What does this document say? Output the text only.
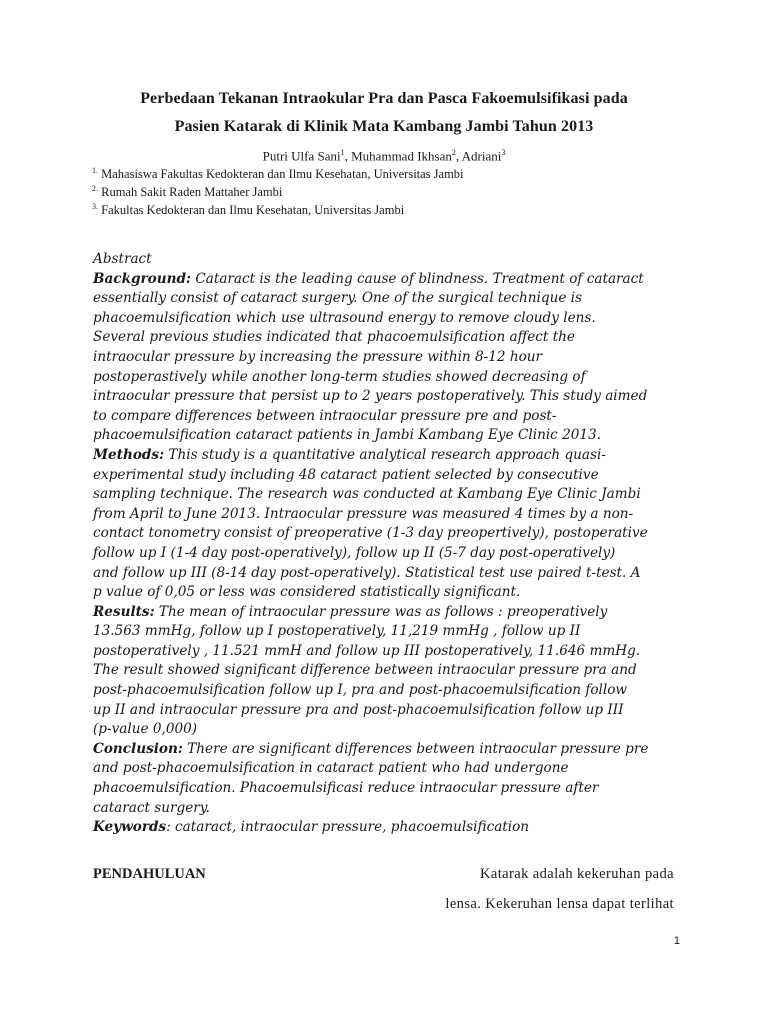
Perbedaan Tekanan Intraokular Pra dan Pasca Fakoemulsifikasi pada
Pasien Katarak di Klinik Mata Kambang Jambi Tahun 2013
Putri Ulfa Sani$^1$, Muhammad Ikhsan$^2$, Adriani$^3$
$^{1.}$ Mahasiswa Fakultas Kedokteran dan Ilmu Kesehatan, Universitas Jambi
$^{2.}$ Rumah Sakit Raden Mattaher Jambi
$^{3.}$ Fakultas Kedokteran dan Ilmu Kesehatan, Universitas Jambi
Abstract
Background: Cataract is the leading cause of blindness. Treatment of cataract
essentially consist of cataract surgery. One of the surgical technique is
phacoemulsification which use ultrasound energy to remove cloudy lens.
Several previous studies indicated that phacoemulsification affect the
intraocular pressure by increasing the pressure within 8-12 hour
postoperastively while another long-term studies showed decreasing of
intraocular pressure that persist up to 2 years postoperatively. This study aimed
to compare differences between intraocular pressure pre and post-
phacoemulsification cataract patients in Jambi Kambang Eye Clinic 2013.
Methods: This study is a quantitative analytical research approach quasi-
experimental study including 48 cataract patient selected by consecutive
sampling technique. The research was conducted at Kambang Eye Clinic Jambi
from April to June 2013. Intraocular pressure was measured 4 times by a non-
contact tonometry consist of preoperative (1-3 day preopertively), postoperative
follow up I (1-4 day post-operatively), follow up II (5-7 day post-operatively)
and follow up III (8-14 day post-operatively). Statistical test use paired t-test. A
p value of 0,05 or less was considered statistically significant.
Results: The mean of intraocular pressure was as follows : preoperatively
13.563 mmHg, follow up I postoperatively, 11,219 mmHg , follow up II
postoperatively , 11.521 mmH and follow up III postoperatively, 11.646 mmHg.
The result showed significant difference between intraocular pressure pra and
post-phacoemulsification follow up I, pra and post-phacoemulsification follow
up II and intraocular pressure pra and post-phacoemulsification follow up III
(p-value 0,000)
Conclusion: There are significant differences between intraocular pressure pre
and post-phacoemulsification in cataract patient who had undergone
phacoemulsification. Phacoemulsificasi reduce intraocular pressure after
cataract surgery.
Keywords: cataract, intraocular pressure, phacoemulsification
PENDAHULUAN	Katarak adalah kekeruhan pada
lensa. Kekeruhan lensa dapat terlihat
1
